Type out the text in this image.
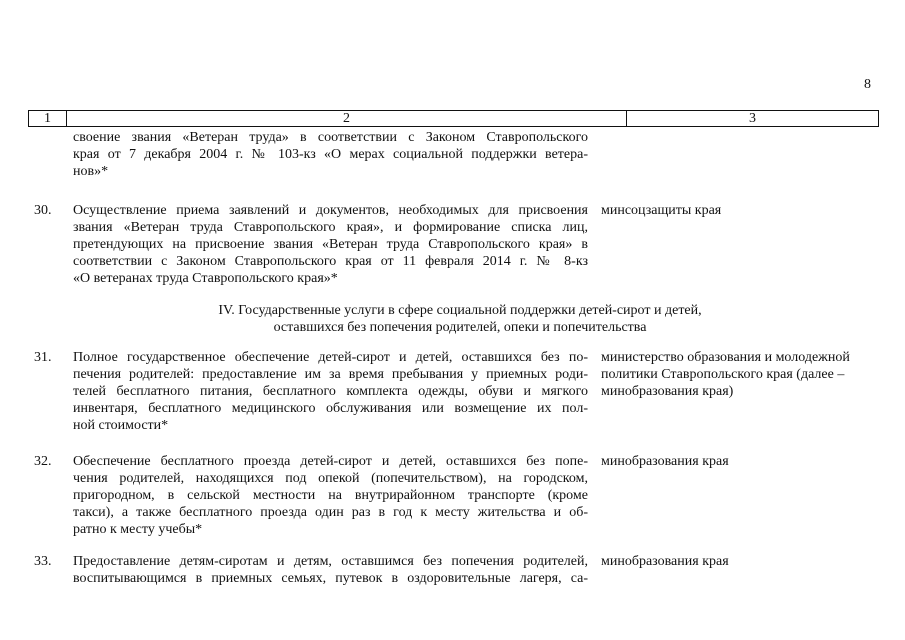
8
1	2	3
своение звания «Ветеран труда» в соответствии с Законом Ставропольского
края от 7 декабря 2004 г. № 103-кз «О мерах социальной поддержки ветера-
нов»*
30. Осуществление приема заявлений и документов, необходимых для присвоения
звания «Ветеран труда Ставропольского края», и формирование списка лиц,
претендующих на присвоение звания «Ветеран труда Ставропольского края» в
соответствии с Законом Ставропольского края от 11 февраля 2014 г. № 8-кз
«О ветеранах труда Ставропольского края»*
минсоцзащиты края
IV. Государственные услуги в сфере социальной поддержки детей-сирот и детей,
оставшихся без попечения родителей, опеки и попечительства
31. Полное государственное обеспечение детей-сирот и детей, оставшихся без по-
печения родителей: предоставление им за время пребывания у приемных роди-
телей бесплатного питания, бесплатного комплекта одежды, обуви и мягкого
инвентаря, бесплатного медицинского обслуживания или возмещение их пол-
ной стоимости*
министерство образования и молодежной
политики Ставропольского края (далее –
минобразования края)
32. Обеспечение бесплатного проезда детей-сирот и детей, оставшихся без попе-
чения родителей, находящихся под опекой (попечительством), на городском,
пригородном, в сельской местности на внутрирайонном транспорте (кроме
такси), а также бесплатного проезда один раз в год к месту жительства и об-
ратно к месту учебы*
минобразования края
33. Предоставление детям-сиротам и детям, оставшимся без попечения родителей,
воспитывающимся в приемных семьях, путевок в оздоровительные лагеря, са-
минобразования края
